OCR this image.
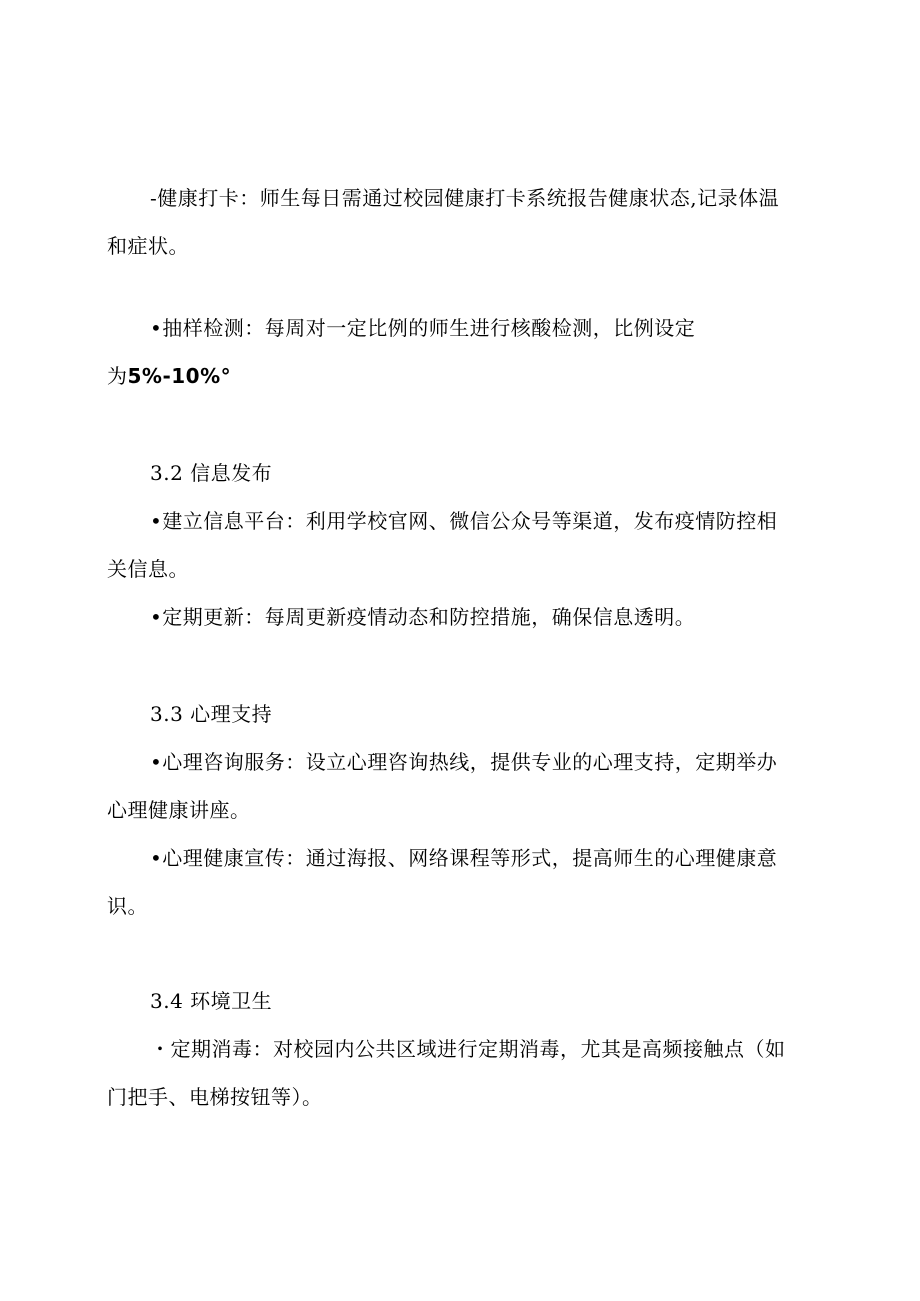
-健康打卡：师生每日需通过校园健康打卡系统报告健康状态,记录体温
和症状。
•抽样检测：每周对一定比例的师生进行核酸检测，比例设定
为5%-10%°
3.2 信息发布
•建立信息平台：利用学校官网、微信公众号等渠道，发布疫情防控相
关信息。
•定期更新：每周更新疫情动态和防控措施，确保信息透明。
3.3 心理支持
•心理咨询服务：设立心理咨询热线，提供专业的心理支持，定期举办
心理健康讲座。
•心理健康宣传：通过海报、网络课程等形式，提高师生的心理健康意
识。
3.4 环境卫生
・定期消毒：对校园内公共区域进行定期消毒，尤其是高频接触点（如
门把手、电梯按钮等）。
